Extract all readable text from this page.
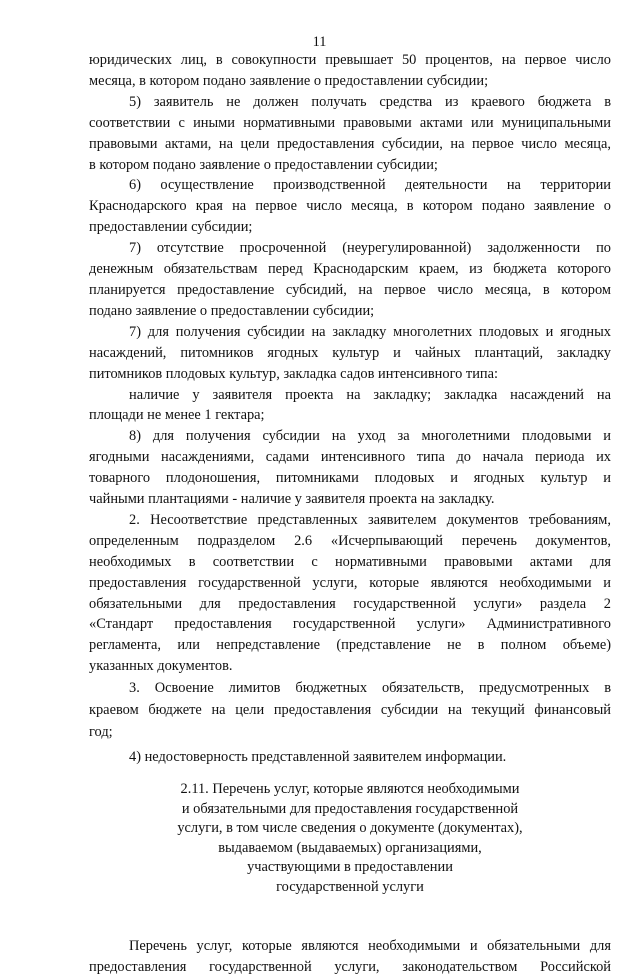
11
юридических лиц, в совокупности превышает 50 процентов, на первое число
месяца, в котором подано заявление о предоставлении субсидии;
5) заявитель не должен получать средства из краевого бюджета в
соответствии с иными нормативными правовыми актами или муниципальными
правовыми актами, на цели предоставления субсидии, на первое число месяца,
в котором подано заявление о предоставлении субсидии;
6) осуществление производственной деятельности на территории
Краснодарского края на первое число месяца, в котором подано заявление о
предоставлении субсидии;
7) отсутствие просроченной (неурегулированной) задолженности по
денежным обязательствам перед Краснодарским краем, из бюджета которого
планируется предоставление субсидий, на первое число месяца, в котором
подано заявление о предоставлении субсидии;
7) для получения субсидии на закладку многолетних плодовых и ягодных
насаждений, питомников ягодных культур и чайных плантаций, закладку
питомников плодовых культур, закладка садов интенсивного типа:
наличие у заявителя проекта на закладку; закладка насаждений на
площади не менее 1 гектара;
8) для получения субсидии на уход за многолетними плодовыми и
ягодными насаждениями, садами интенсивного типа до начала периода их
товарного плодоношения, питомниками плодовых и ягодных культур и
чайными плантациями - наличие у заявителя проекта на закладку.
2. Несоответствие представленных заявителем документов требованиям,
определенным подразделом 2.6 «Исчерпывающий перечень документов,
необходимых в соответствии с нормативными правовыми актами для
предоставления государственной услуги, которые являются необходимыми и
обязательными для предоставления государственной услуги» раздела 2
«Стандарт предоставления государственной услуги» Административного
регламента, или непредставление (представление не в полном объеме)
указанных документов.
3. Освоение лимитов бюджетных обязательств, предусмотренных в
краевом бюджете на цели предоставления субсидии на текущий финансовый
год;
4) недостоверность представленной заявителем информации.
2.11. Перечень услуг, которые являются необходимыми
и обязательными для предоставления государственной
услуги, в том числе сведения о документе (документах),
выдаваемом (выдаваемых) организациями,
участвующими в предоставлении
государственной услуги
Перечень услуг, которые являются необходимыми и обязательными для
предоставления государственной услуги, законодательством Российской
